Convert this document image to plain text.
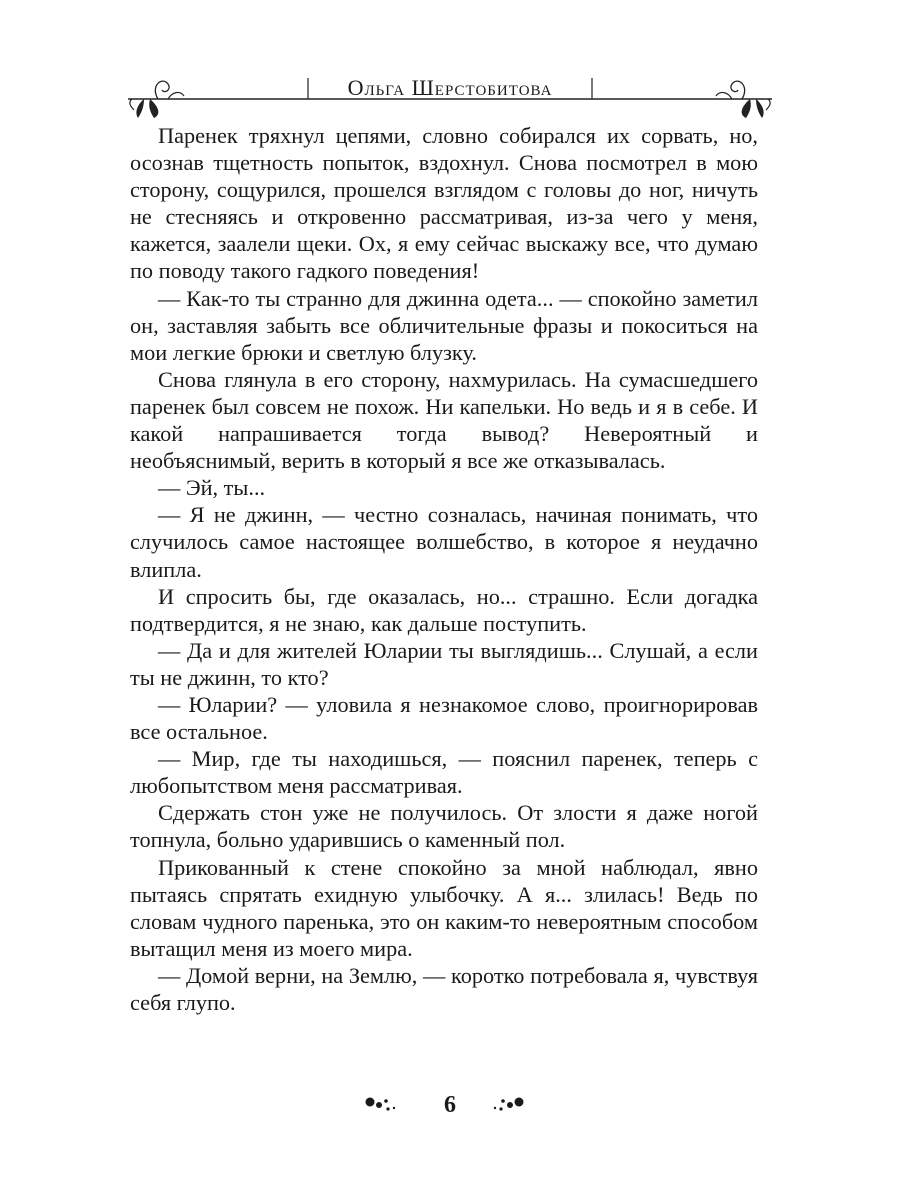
Ольга Шерстобитова

Паренек тряхнул цепями, словно собирался их сорвать, но, осознав тщетность попыток, вздохнул. Снова посмотрел в мою сторону, сощурился, прошелся взглядом с головы до ног, ничуть не стесняясь и откровенно рассматривая, из-за чего у меня, кажется, заалели щеки. Ох, я ему сейчас выскажу все, что думаю по поводу такого гадкого поведения!

— Как-то ты странно для джинна одета... — спокойно заметил он, заставляя забыть все обличительные фразы и покоситься на мои легкие брюки и светлую блузку.

Снова глянула в его сторону, нахмурилась. На сумасшедшего паренек был совсем не похож. Ни капельки. Но ведь и я в себе. И какой напрашивается тогда вывод? Невероятный и необъяснимый, верить в который я все же отказывалась.

— Эй, ты...

— Я не джинн, — честно созналась, начиная понимать, что случилось самое настоящее волшебство, в которое я неудачно влипла.

И спросить бы, где оказалась, но... страшно. Если догадка подтвердится, я не знаю, как дальше поступить.

— Да и для жителей Юларии ты выглядишь... Слушай, а если ты не джинн, то кто?

— Юларии? — уловила я незнакомое слово, проигнорировав все остальное.

— Мир, где ты находишься, — пояснил паренек, теперь с любопытством меня рассматривая.

Сдержать стон уже не получилось. От злости я даже ногой топнула, больно ударившись о каменный пол.

Прикованный к стене спокойно за мной наблюдал, явно пытаясь спрятать ехидную улыбочку. А я... злилась! Ведь по словам чудного паренька, это он каким-то невероятным способом вытащил меня из моего мира.

— Домой верни, на Землю, — коротко потребовала я, чувствуя себя глупо.

6
